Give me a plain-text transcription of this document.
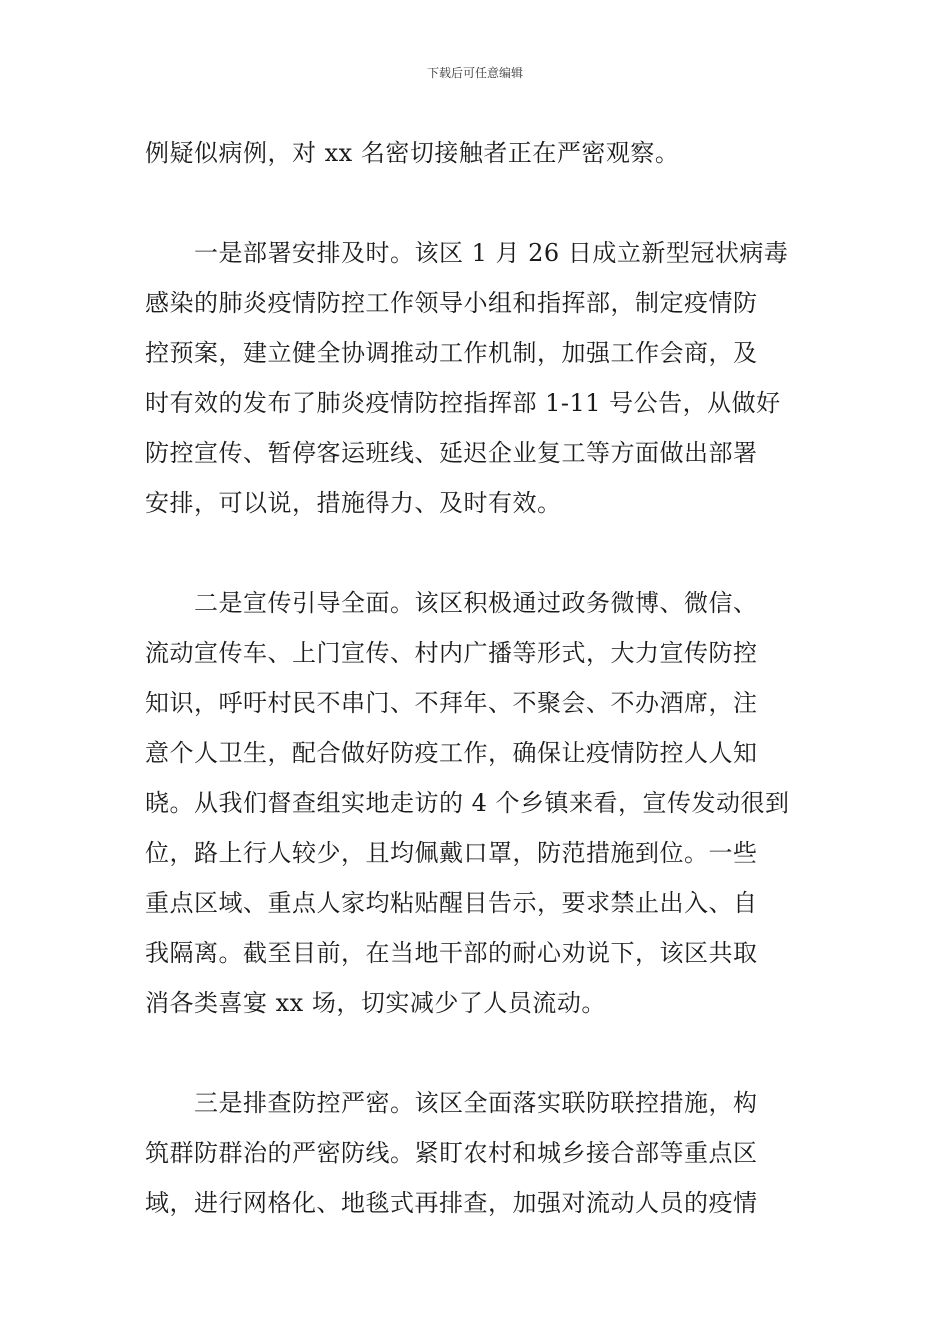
下载后可任意编辑

例疑似病例，对 xx 名密切接触者正在严密观察。

　　一是部署安排及时。该区 1 月 26 日成立新型冠状病毒
感染的肺炎疫情防控工作领导小组和指挥部，制定疫情防
控预案，建立健全协调推动工作机制，加强工作会商，及
时有效的发布了肺炎疫情防控指挥部 1-11 号公告，从做好
防控宣传、暂停客运班线、延迟企业复工等方面做出部署
安排，可以说，措施得力、及时有效。

　　二是宣传引导全面。该区积极通过政务微博、微信、
流动宣传车、上门宣传、村内广播等形式，大力宣传防控
知识，呼吁村民不串门、不拜年、不聚会、不办酒席，注
意个人卫生，配合做好防疫工作，确保让疫情防控人人知
晓。从我们督查组实地走访的 4 个乡镇来看，宣传发动很到
位，路上行人较少，且均佩戴口罩，防范措施到位。一些
重点区域、重点人家均粘贴醒目告示，要求禁止出入、自
我隔离。截至目前，在当地干部的耐心劝说下，该区共取
消各类喜宴 xx 场，切实减少了人员流动。

　　三是排查防控严密。该区全面落实联防联控措施，构
筑群防群治的严密防线。紧盯农村和城乡接合部等重点区
域，进行网格化、地毯式再排查，加强对流动人员的疫情
